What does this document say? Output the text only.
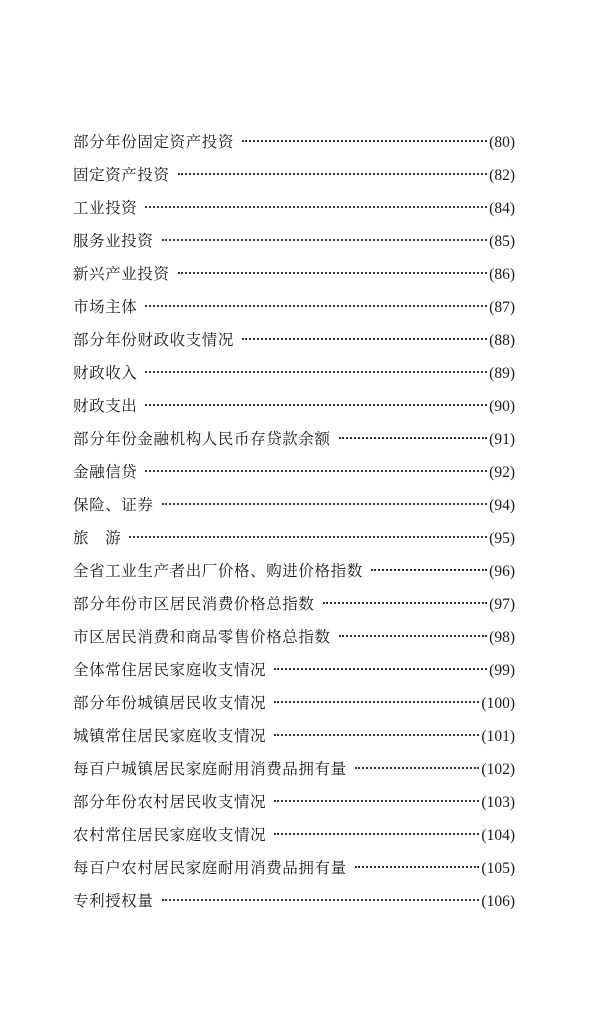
部分年份固定资产投资	(80)
固定资产投资	(82)
工业投资	(84)
服务业投资	(85)
新兴产业投资	(86)
市场主体	(87)
部分年份财政收支情况	(88)
财政收入	(89)
财政支出	(90)
部分年份金融机构人民币存贷款余额	(91)
金融信贷	(92)
保险、证券	(94)
旅　游	(95)
全省工业生产者出厂价格、购进价格指数	(96)
部分年份市区居民消费价格总指数	(97)
市区居民消费和商品零售价格总指数	(98)
全体常住居民家庭收支情况	(99)
部分年份城镇居民收支情况	(100)
城镇常住居民家庭收支情况	(101)
每百户城镇居民家庭耐用消费品拥有量	(102)
部分年份农村居民收支情况	(103)
农村常住居民家庭收支情况	(104)
每百户农村居民家庭耐用消费品拥有量	(105)
专利授权量	(106)
